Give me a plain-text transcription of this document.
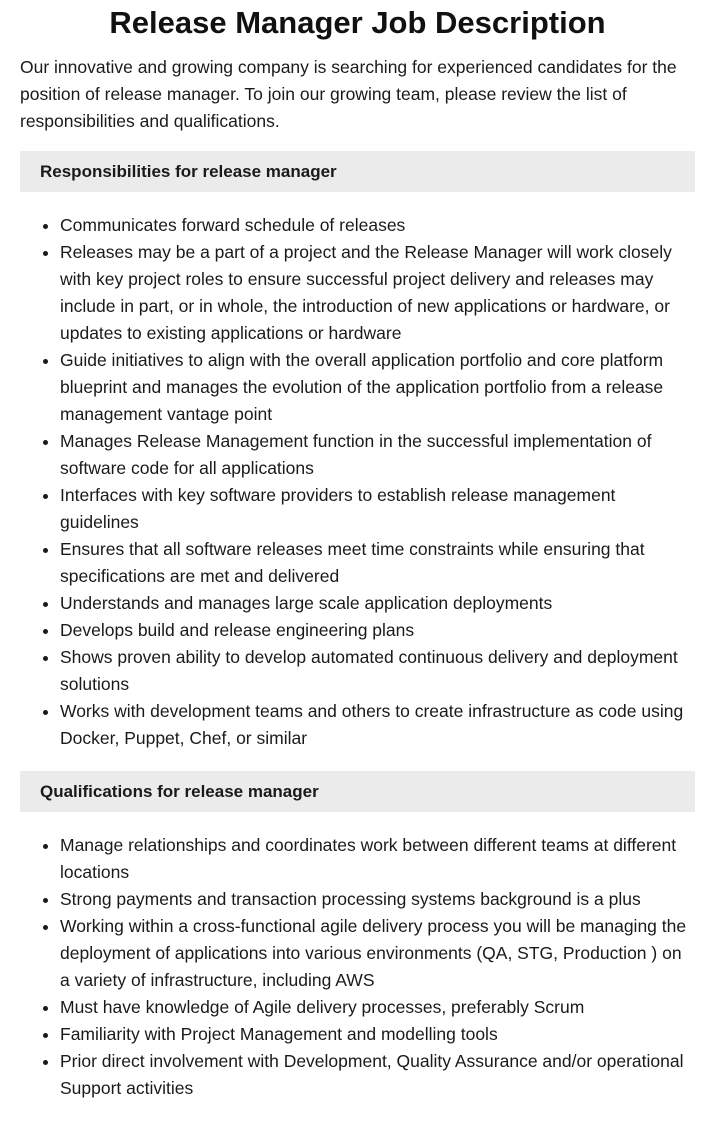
Release Manager Job Description

Our innovative and growing company is searching for experienced candidates for the position of release manager. To join our growing team, please review the list of responsibilities and qualifications.

Responsibilities for release manager
• Communicates forward schedule of releases
• Releases may be a part of a project and the Release Manager will work closely with key project roles to ensure successful project delivery and releases may include in part, or in whole, the introduction of new applications or hardware, or updates to existing applications or hardware
• Guide initiatives to align with the overall application portfolio and core platform blueprint and manages the evolution of the application portfolio from a release management vantage point
• Manages Release Management function in the successful implementation of software code for all applications
• Interfaces with key software providers to establish release management guidelines
• Ensures that all software releases meet time constraints while ensuring that specifications are met and delivered
• Understands and manages large scale application deployments
• Develops build and release engineering plans
• Shows proven ability to develop automated continuous delivery and deployment solutions
• Works with development teams and others to create infrastructure as code using Docker, Puppet, Chef, or similar
Qualifications for release manager
• Manage relationships and coordinates work between different teams at different locations
• Strong payments and transaction processing systems background is a plus
• Working within a cross-functional agile delivery process you will be managing the deployment of applications into various environments (QA, STG, Production ) on a variety of infrastructure, including AWS
• Must have knowledge of Agile delivery processes, preferably Scrum
• Familiarity with Project Management and modelling tools
• Prior direct involvement with Development, Quality Assurance and/or operational Support activities
